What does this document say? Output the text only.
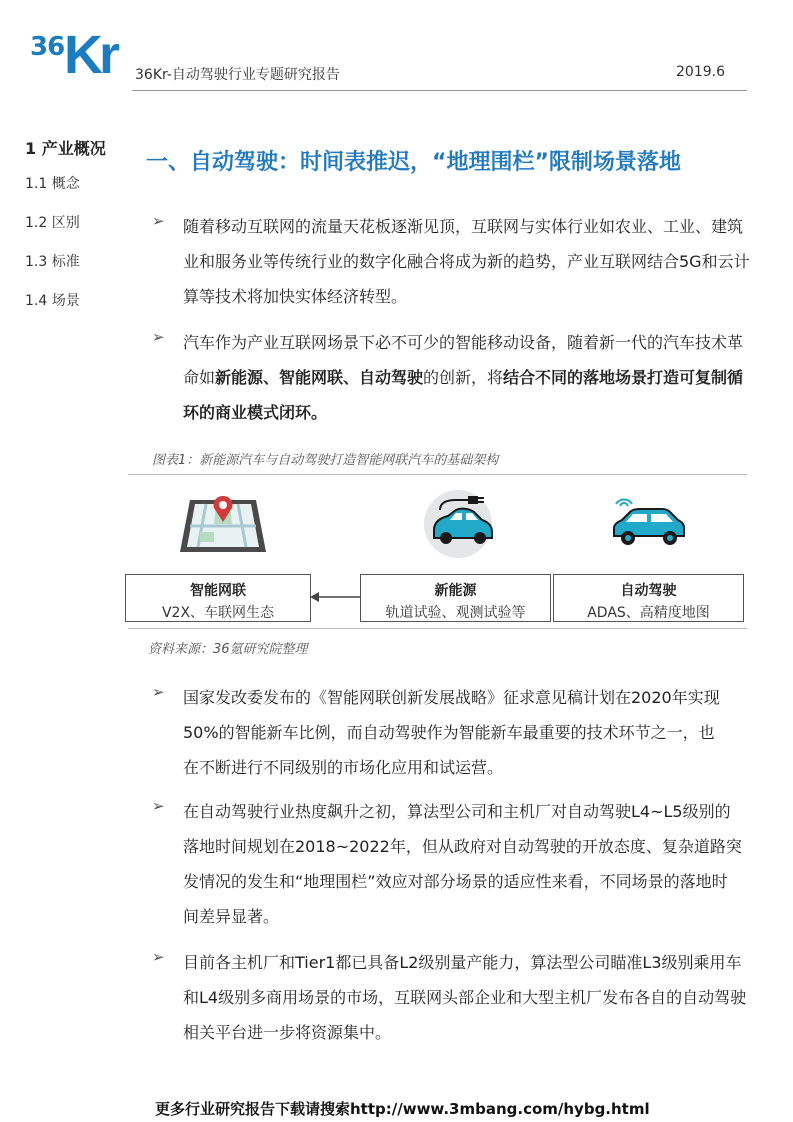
36 Kr 36Kr-自动驾驶行业专题研究报告	2019.6
1 产业概况
1.1 概念
1.2 区别
1.3 标准
1.4 场景
一、自动驾驶：时间表推迟，“地理围栏”限制场景落地
➢ 随着移动互联网的流量天花板逐渐见顶，互联网与实体行业如农业、工业、建筑业和服务业等传统行业的数字化融合将成为新的趋势，产业互联网结合5G和云计算等技术将加快实体经济转型。
➢ 汽车作为产业互联网场景下必不可少的智能移动设备，随着新一代的汽车技术革命如新能源、智能网联、自动驾驶的创新，将结合不同的落地场景打造可复制循环的商业模式闭环。
图表1：新能源汽车与自动驾驶打造智能网联汽车的基础架构
智能网联
V2X、车联网生态
新能源
轨道试验、观测试验等
自动驾驶
ADAS、高精度地图
资料来源：36氪研究院整理
➢ 国家发改委发布的《智能网联创新发展战略》征求意见稿计划在2020年实现50%的智能新车比例，而自动驾驶作为智能新车最重要的技术环节之一，也在不断进行不同级别的市场化应用和试运营。
➢ 在自动驾驶行业热度飙升之初，算法型公司和主机厂对自动驾驶L4~L5级别的落地时间规划在2018~2022年，但从政府对自动驾驶的开放态度、复杂道路突发情况的发生和“地理围栏”效应对部分场景的适应性来看，不同场景的落地时间差异显著。
➢ 目前各主机厂和Tier1都已具备L2级别量产能力，算法型公司瞄准L3级别乘用车和L4级别多商用场景的市场，互联网头部企业和大型主机厂发布各自的自动驾驶相关平台进一步将资源集中。
更多行业研究报告下载请搜索http://www.3mbang.com/hybg.html
